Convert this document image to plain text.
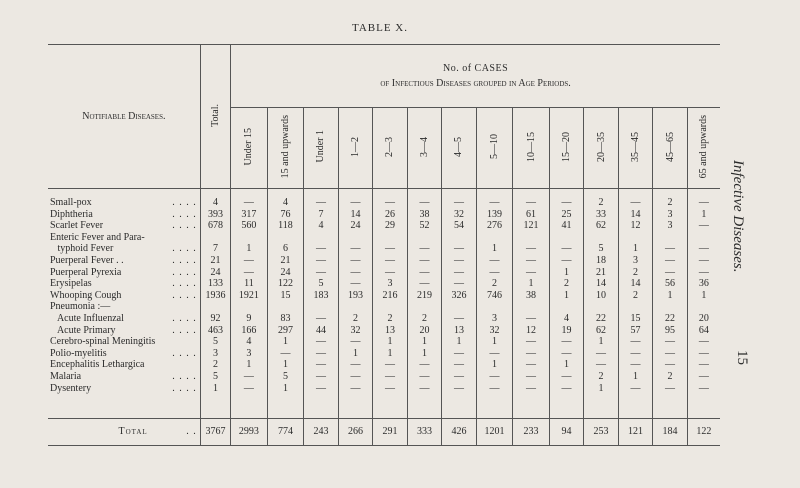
TABLE X.
Notifiable Diseases.	Total.	No. of CASES
of Infectious Diseases grouped in Age Periods.													

		Under 15	15 and upwards	Under 1	1—2	2—3	3—4	4—5	5—10	10—15	15—20	20—35	35—45	45—65	65 and upwards

. . . .
Small-pox	4	—	4	—	—	—	—	—	—	—	—	2	—	2	—

. . . .
Diphtheria	393	317	76	7	14	26	38	32	139	61	25	33	14	3	1

. . . .
Scarlet Fever	678	560	118	4	24	29	52	54	276	121	41	62	12	3	—

Enteric Fever and Para-															

. . . .
typhoid Fever	7	1	6	—	—	—	—	—	1	—	—	5	1	—	—

. . . .
Puerperal Fever . .	21	—	21	—	—	—	—	—	—	—	—	18	3	—	—

. . . .
Puerperal Pyrexia	24	—	24	—	—	—	—	—	—	—	1	21	2	—	—

. . . .
Erysipelas	133	11	122	5	—	3	—	—	2	1	2	14	14	56	36

. . . .
Whooping Cough	1936	1921	15	183	193	216	219	326	746	38	1	10	2	1	1

Pneumonia :—															

. . . .
Acute Influenzal	92	9	83	—	2	2	2	—	3	—	4	22	15	22	20

. . . .
Acute Primary	463	166	297	44	32	13	20	13	32	12	19	62	57	95	64

Cerebro-spinal Meningitis	5	4	1	—	—	1	1	1	1	—	—	1	—	—	—

. . . .
Polio-myelitis	3	3	—	—	1	1	1	—	—	—	—	—	—	—	—

Encephalitis Lethargica	2	1	1	—	—	—	—	—	1	—	1	—	—	—	—

. . . .
Malaria	5	—	5	—	—	—	—	—	—	—	—	2	1	2	—

. . . .
Dysentery	1	—	1	—	—	—	—	—	—	—	—	1	—	—	—

. .
Total	3767	2993	774	243	266	291	333	426	1201	233	94	253	121	184	122
Infective Diseases.
15
